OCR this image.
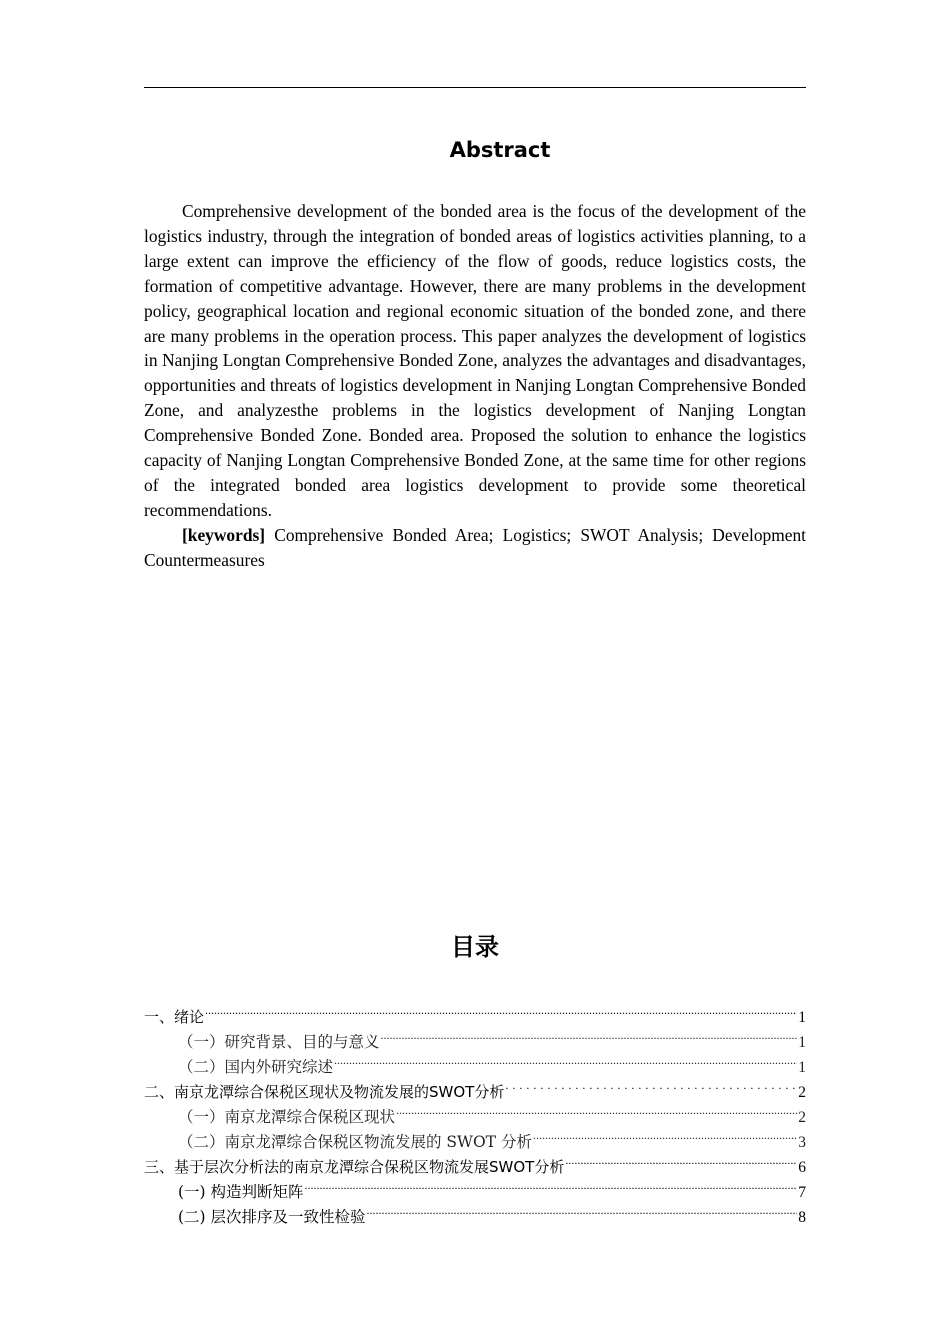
Abstract

Comprehensive development of the bonded area is the focus of the development of the logistics industry, through the integration of bonded areas of logistics activities planning, to a large extent can improve the efficiency of the flow of goods, reduce logistics costs, the formation of competitive advantage. However, there are many problems in the development policy, geographical location and regional economic situation of the bonded zone, and there are many problems in the operation process. This paper analyzes the development of logistics in Nanjing Longtan Comprehensive Bonded Zone, analyzes the advantages and disadvantages, opportunities and threats of logistics development in Nanjing Longtan Comprehensive Bonded Zone, and analyzesthe problems in the logistics development of Nanjing Longtan Comprehensive Bonded Zone. Bonded area. Proposed the solution to enhance the logistics capacity of Nanjing Longtan Comprehensive Bonded Zone, at the same time for other regions of the integrated bonded area logistics development to provide some theoretical recommendations.

[keywords] Comprehensive Bonded Area; Logistics; SWOT Analysis; Development Countermeasures

目录
一、绪论 .....	1
（一）研究背景、目的与意义 .....	1
（二）国内外研究综述 .....	1
二、南京龙潭综合保税区现状及物流发展的SWOT分析 . . .	2
（一）南京龙潭综合保税区现状 .....	2
（二）南京龙潭综合保税区物流发展的 SWOT 分析 .....	3
三、基于层次分析法的南京龙潭综合保税区物流发展SWOT分析 .....	6
(一) 构造判断矩阵 .....	7
(二) 层次排序及一致性检验 .....	8
